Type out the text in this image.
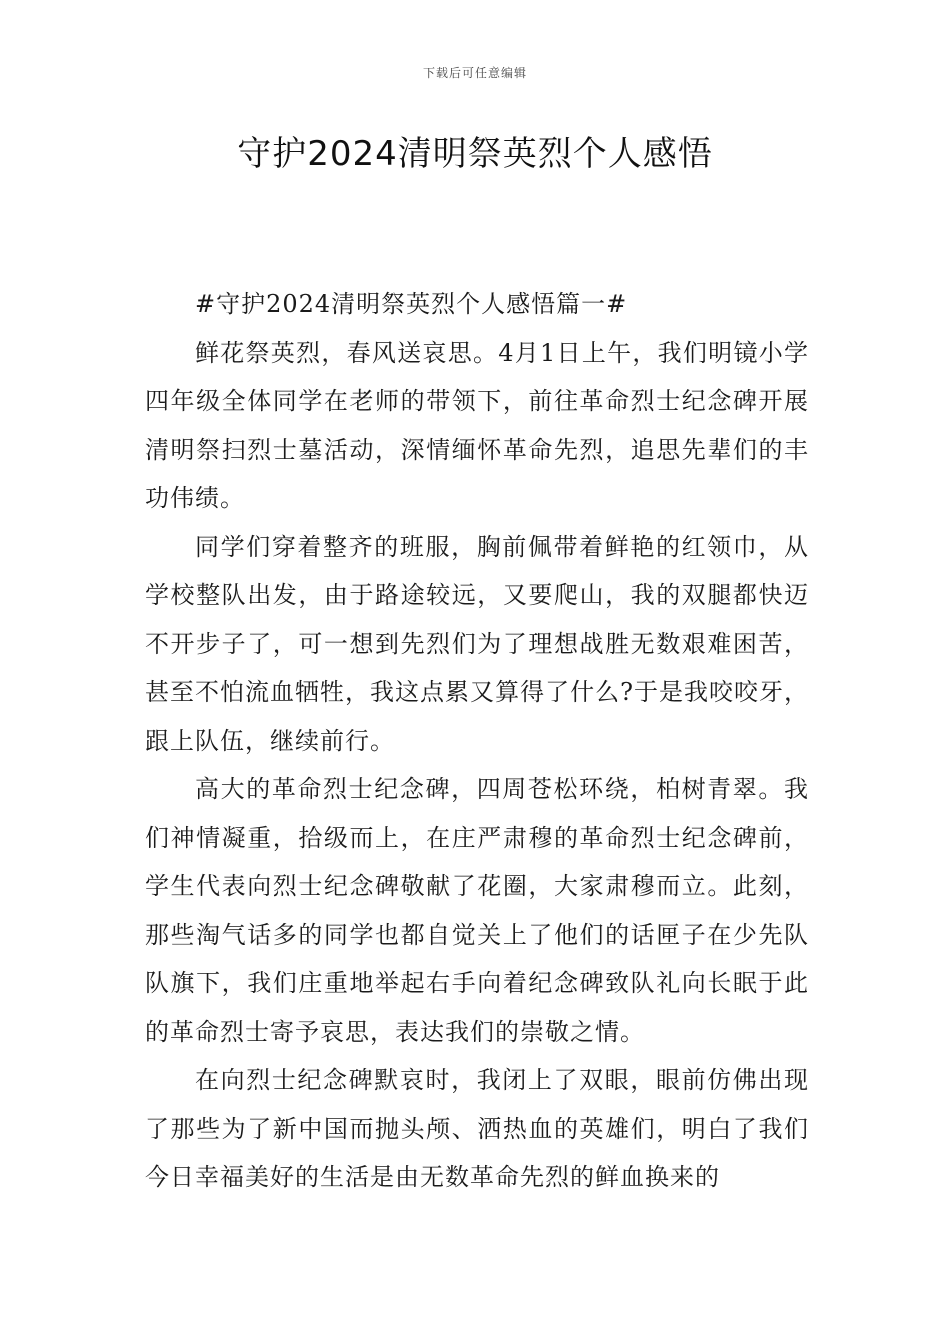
下载后可任意编辑
守护2024清明祭英烈个人感悟

#守护2024清明祭英烈个人感悟篇一#

鲜花祭英烈，春风送哀思。4月1日上午，我们明镜小学四年级全体同学在老师的带领下，前往革命烈士纪念碑开展清明祭扫烈士墓活动，深情缅怀革命先烈，追思先辈们的丰功伟绩。

同学们穿着整齐的班服，胸前佩带着鲜艳的红领巾，从学校整队出发，由于路途较远，又要爬山，我的双腿都快迈不开步子了，可一想到先烈们为了理想战胜无数艰难困苦，甚至不怕流血牺牲，我这点累又算得了什么?于是我咬咬牙，跟上队伍，继续前行。

高大的革命烈士纪念碑，四周苍松环绕，柏树青翠。我们神情凝重，拾级而上，在庄严肃穆的革命烈士纪念碑前，学生代表向烈士纪念碑敬献了花圈，大家肃穆而立。此刻，那些淘气话多的同学也都自觉关上了他们的话匣子在少先队队旗下，我们庄重地举起右手向着纪念碑致队礼向长眠于此的革命烈士寄予哀思，表达我们的崇敬之情。

在向烈士纪念碑默哀时，我闭上了双眼，眼前仿佛出现了那些为了新中国而抛头颅、洒热血的英雄们，明白了我们今日幸福美好的生活是由无数革命先烈的鲜血换来的
